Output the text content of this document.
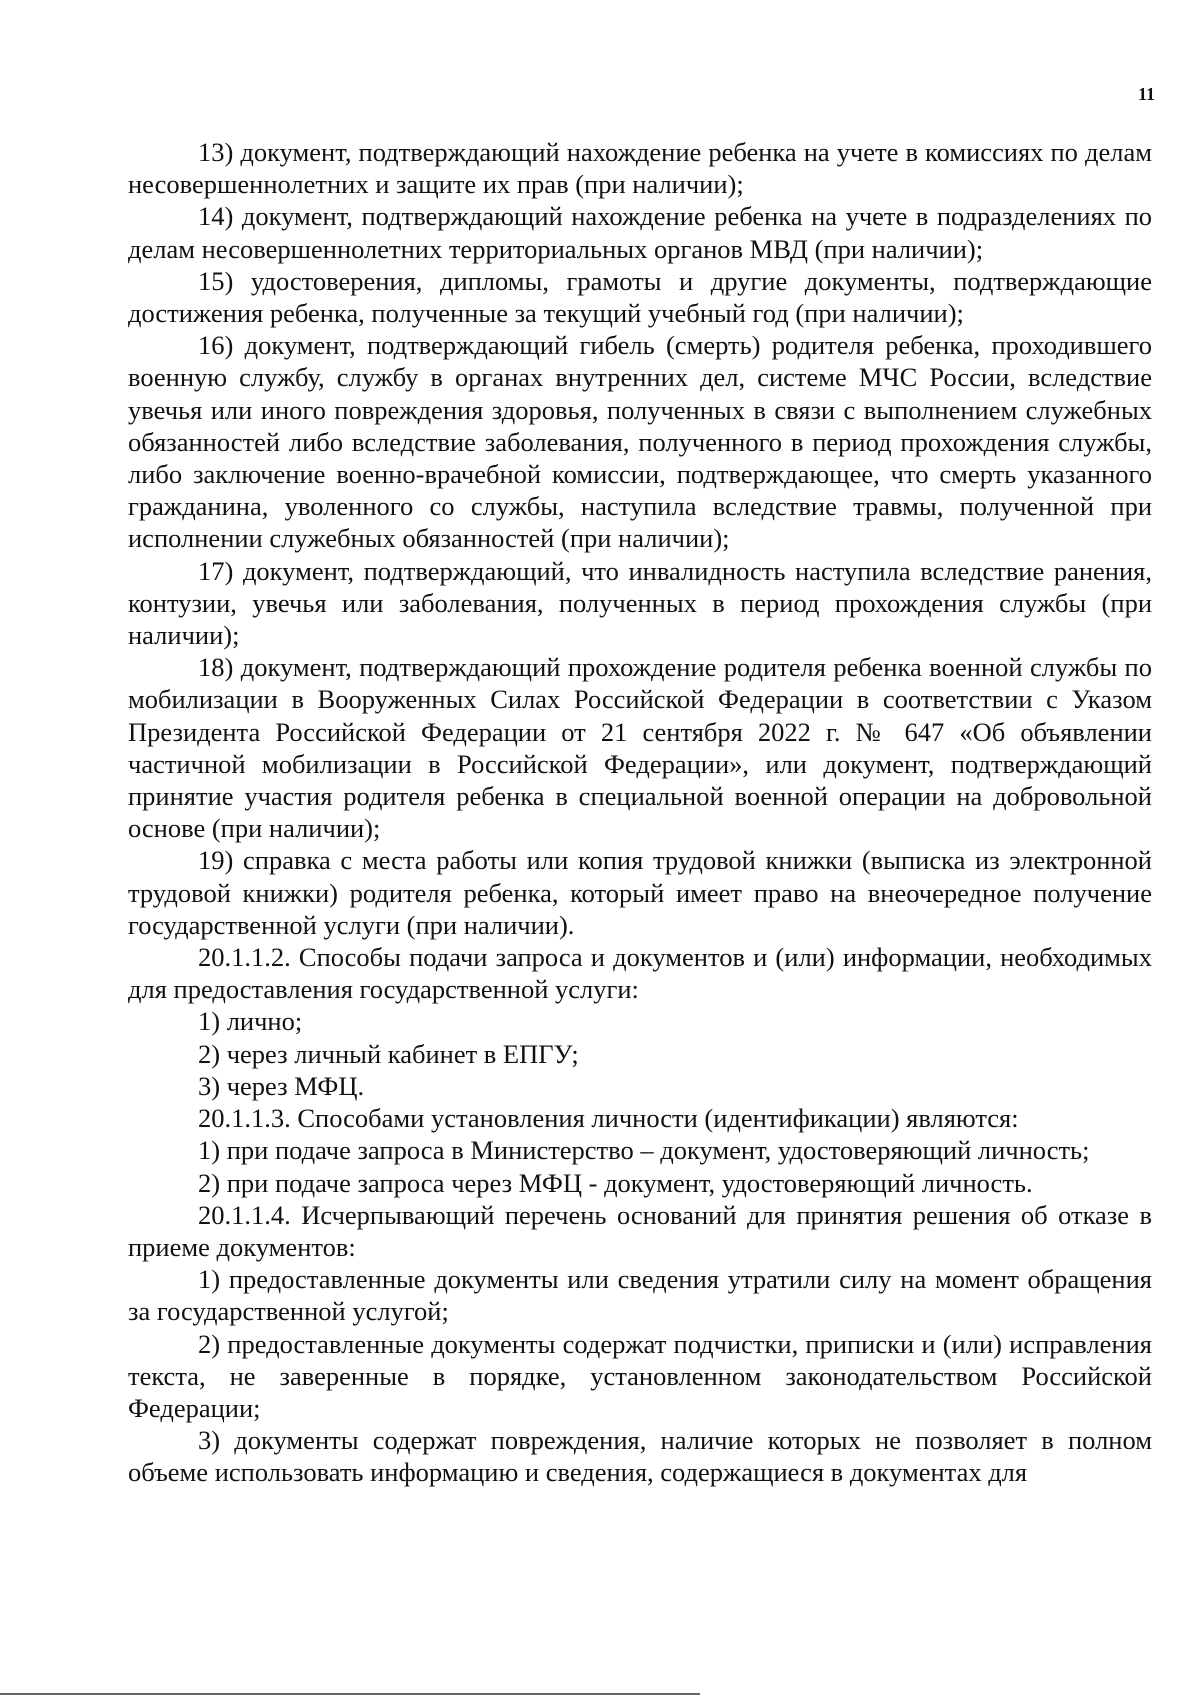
11

13) документ, подтверждающий нахождение ребенка на учете в комиссиях по делам несовершеннолетних и защите их прав (при наличии);

14) документ, подтверждающий нахождение ребенка на учете в подразделениях по делам несовершеннолетних территориальных органов МВД (при наличии);

15) удостоверения, дипломы, грамоты и другие документы, подтверждающие достижения ребенка, полученные за текущий учебный год (при наличии);

16) документ, подтверждающий гибель (смерть) родителя ребенка, проходившего военную службу, службу в органах внутренних дел, системе МЧС России, вследствие увечья или иного повреждения здоровья, полученных в связи с выполнением служебных обязанностей либо вследствие заболевания, полученного в период прохождения службы, либо заключение военно-врачебной комиссии, подтверждающее, что смерть указанного гражданина, уволенного со службы, наступила вследствие травмы, полученной при исполнении служебных обязанностей (при наличии);

17) документ, подтверждающий, что инвалидность наступила вследствие ранения, контузии, увечья или заболевания, полученных в период прохождения службы (при наличии);

18) документ, подтверждающий прохождение родителя ребенка военной службы по мобилизации в Вооруженных Силах Российской Федерации в соответствии с Указом Президента Российской Федерации от 21 сентября 2022 г. № 647 «Об объявлении частичной мобилизации в Российской Федерации», или документ, подтверждающий принятие участия родителя ребенка в специальной военной операции на добровольной основе (при наличии);

19) справка с места работы или копия трудовой книжки (выписка из электронной трудовой книжки) родителя ребенка, который имеет право на внеочередное получение государственной услуги (при наличии).

20.1.1.2. Способы подачи запроса и документов и (или) информации, необходимых для предоставления государственной услуги:

1) лично;

2) через личный кабинет в ЕПГУ;

3) через МФЦ.

20.1.1.3. Способами установления личности (идентификации) являются:

1) при подаче запроса в Министерство – документ, удостоверяющий личность;

2) при подаче запроса через МФЦ - документ, удостоверяющий личность.

20.1.1.4. Исчерпывающий перечень оснований для принятия решения об отказе в приеме документов:

1) предоставленные документы или сведения утратили силу на момент обращения за государственной услугой;

2) предоставленные документы содержат подчистки, приписки и (или) исправления текста, не заверенные в порядке, установленном законодательством Российской Федерации;

3) документы содержат повреждения, наличие которых не позволяет в полном объеме использовать информацию и сведения, содержащиеся в документах для
